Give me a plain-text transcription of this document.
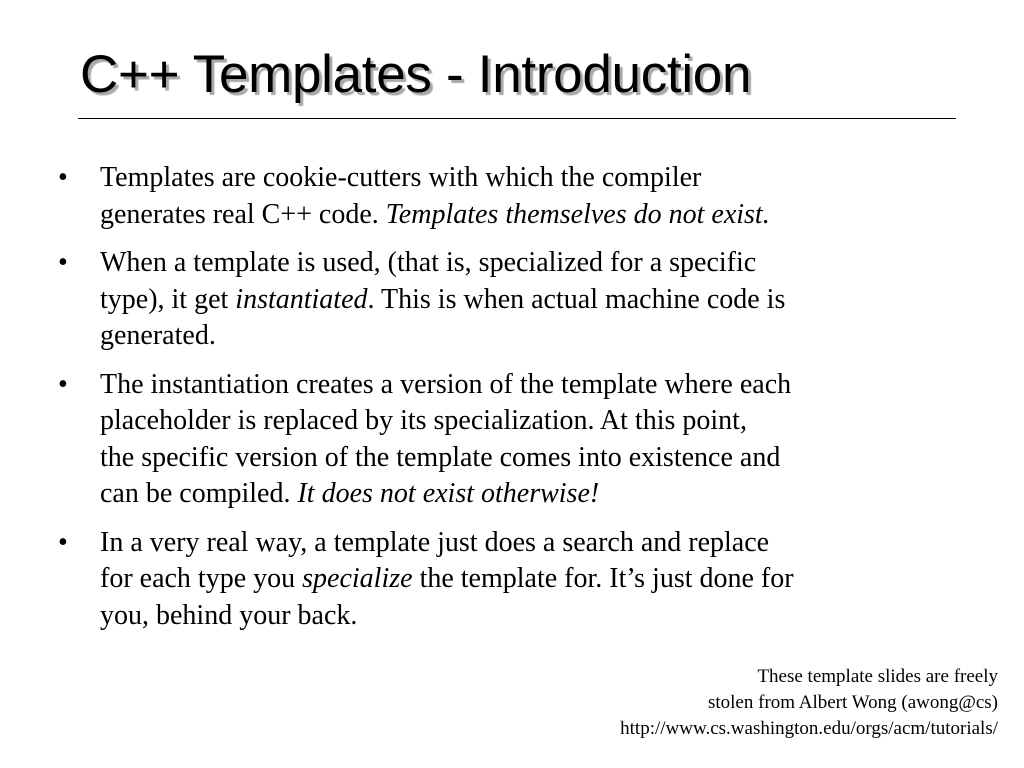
C++ Templates - Introduction
•	Templates are cookie-cutters with which the compiler
generates real C++ code. Templates themselves do not exist.
•	When a template is used, (that is, specialized for a specific
type), it get instantiated. This is when actual machine code is
generated.
•	The instantiation creates a version of the template where each
placeholder is replaced by its specialization. At this point,
the specific version of the template comes into existence and
can be compiled. It does not exist otherwise!
•	In a very real way, a template just does a search and replace
for each type you specialize the template for. It’s just done for
you, behind your back.
These template slides are freely
stolen from Albert Wong (awong@cs)
http://www.cs.washington.edu/orgs/acm/tutorials/
